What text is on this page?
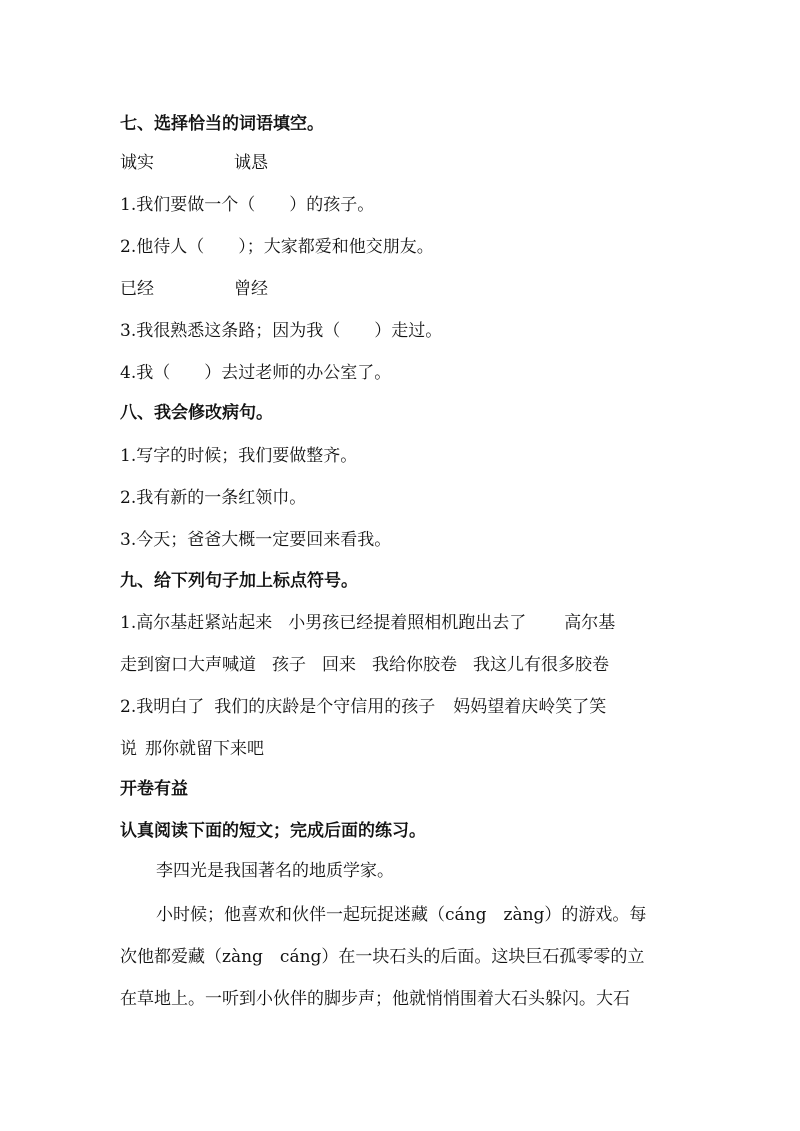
七、选择恰当的词语填空。
诚实	诚恳
1.我们要做一个（　　）的孩子。
2.他待人（　　）；大家都爱和他交朋友。
已经	曾经
3.我很熟悉这条路；因为我（　　）走过。
4.我（　　）去过老师的办公室了。
八、我会修改病句。
1.写字的时候；我们要做整齐。
2.我有新的一条红领巾。
3.今天；爸爸大概一定要回来看我。
九、给下列句子加上标点符号。
1.高尔基赶紧站起来 小男孩已经提着照相机跑出去了 高尔基
走到窗口大声喊道 孩子 回来 我给你胶卷 我这儿有很多胶卷
2.我明白了 我们的庆龄是个守信用的孩子 妈妈望着庆岭笑了笑
说 那你就留下来吧
开卷有益
认真阅读下面的短文；完成后面的练习。
李四光是我国著名的地质学家。
小时候；他喜欢和伙伴一起玩捉迷藏（cáng　zàng）的游戏。每
次他都爱藏（zàng　cáng）在一块石头的后面。这块巨石孤零零的立
在草地上。一听到小伙伴的脚步声；他就悄悄围着大石头躲闪。大石
